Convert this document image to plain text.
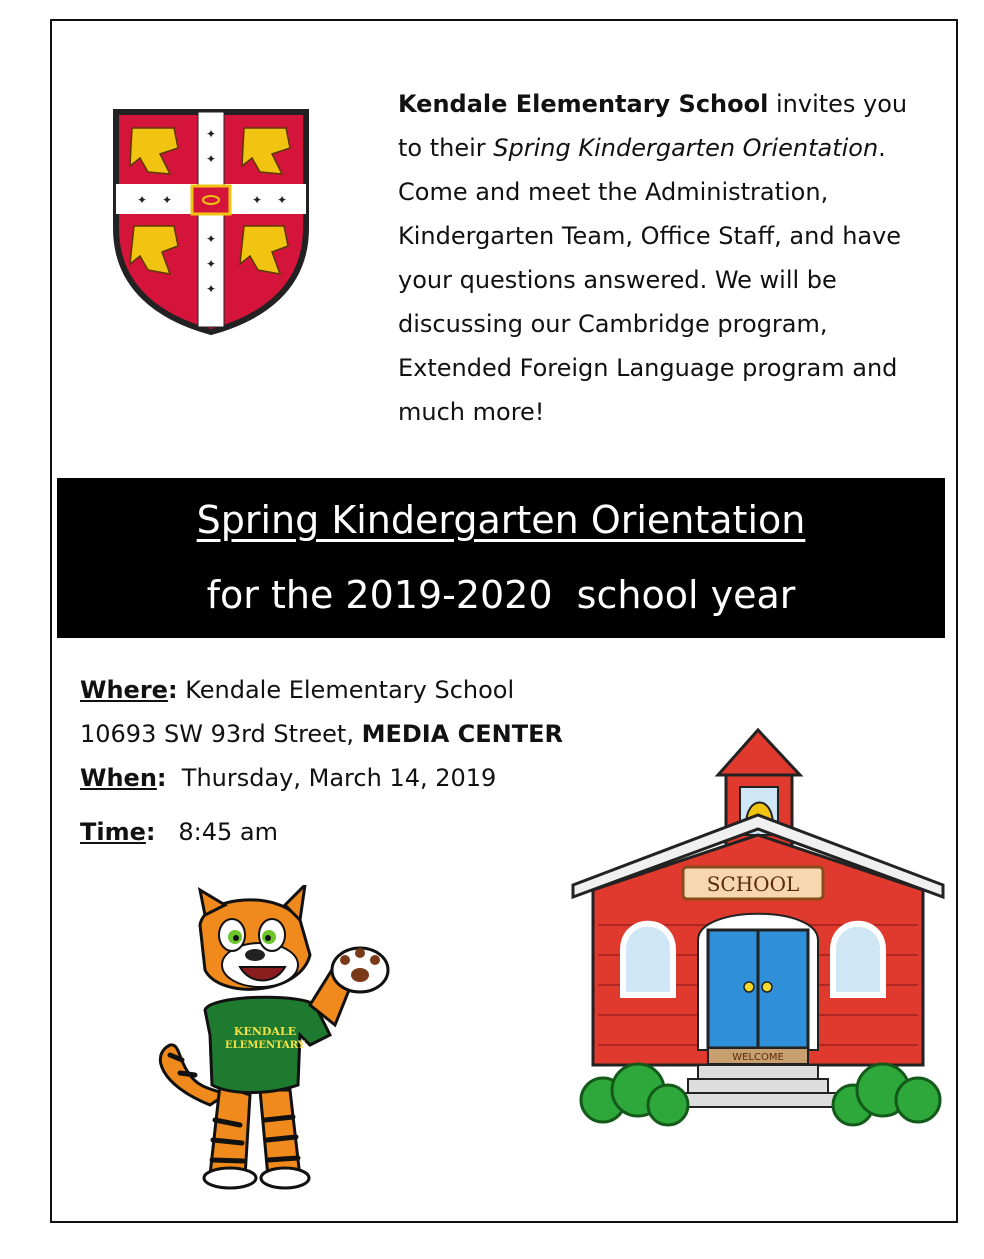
✦
✦
✦
✦
✦
✦ ✦	✦ ✦

Kendale Elementary School invites you to their Spring Kindergarten Orientation. Come and meet the Administration, Kindergarten Team, Office Staff, and have your questions answered. We will be discussing our Cambridge program, Extended Foreign Language program and much more!

Spring Kindergarten Orientation
for the 2019-2020  school year
Where: Kendale Elementary School
10693 SW 93rd Street, MEDIA CENTER
When:  Thursday, March 14, 2019
Time:   8:45 am
KENDALE
ELEMENTARY
SCHOOL
WELCOME
